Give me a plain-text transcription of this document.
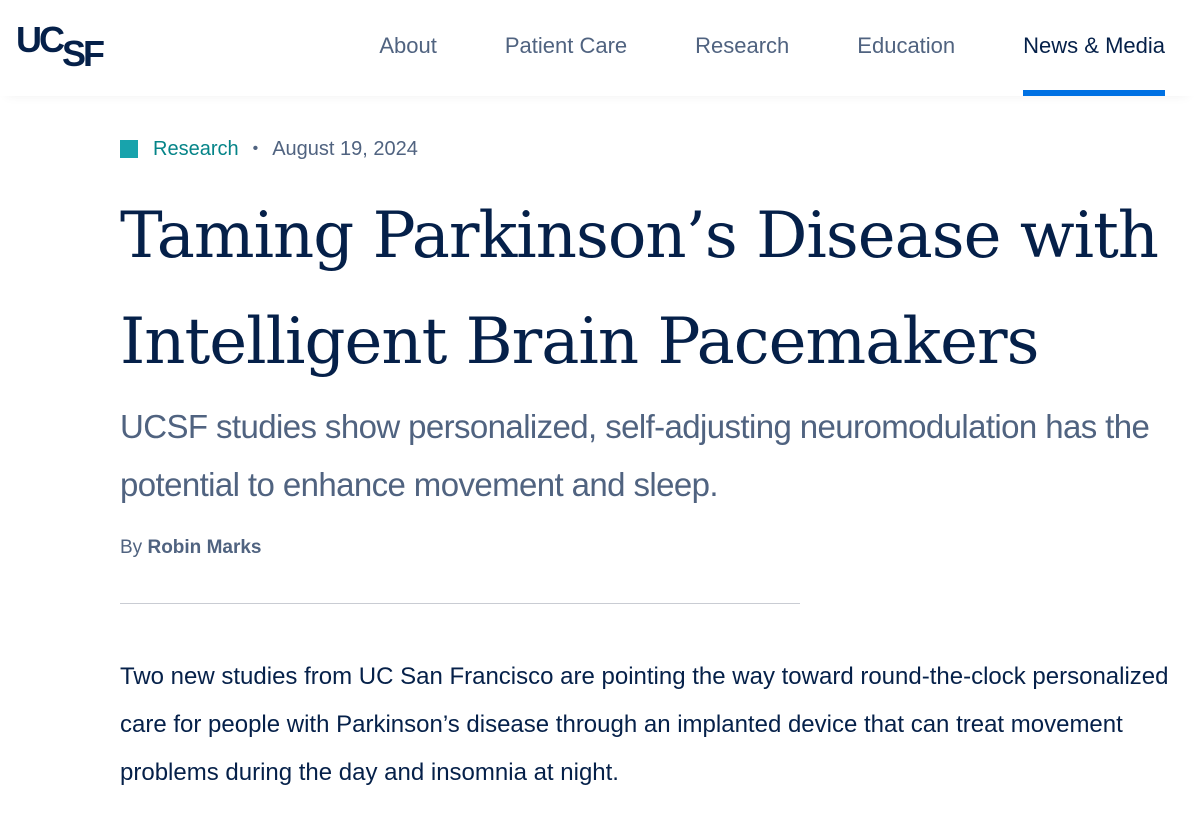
UC SF	About	Patient Care	Research	Education	News & Media
Research • August 19, 2024
Taming Parkinson’s Disease with Intelligent Brain Pacemakers

UCSF studies show personalized, self-adjusting neuromodulation has the potential to enhance movement and sleep.

By Robin Marks

Two new studies from UC San Francisco are pointing the way toward round-the-clock personalized care for people with Parkinson’s disease through an implanted device that can treat movement problems during the day and insomnia at night.
